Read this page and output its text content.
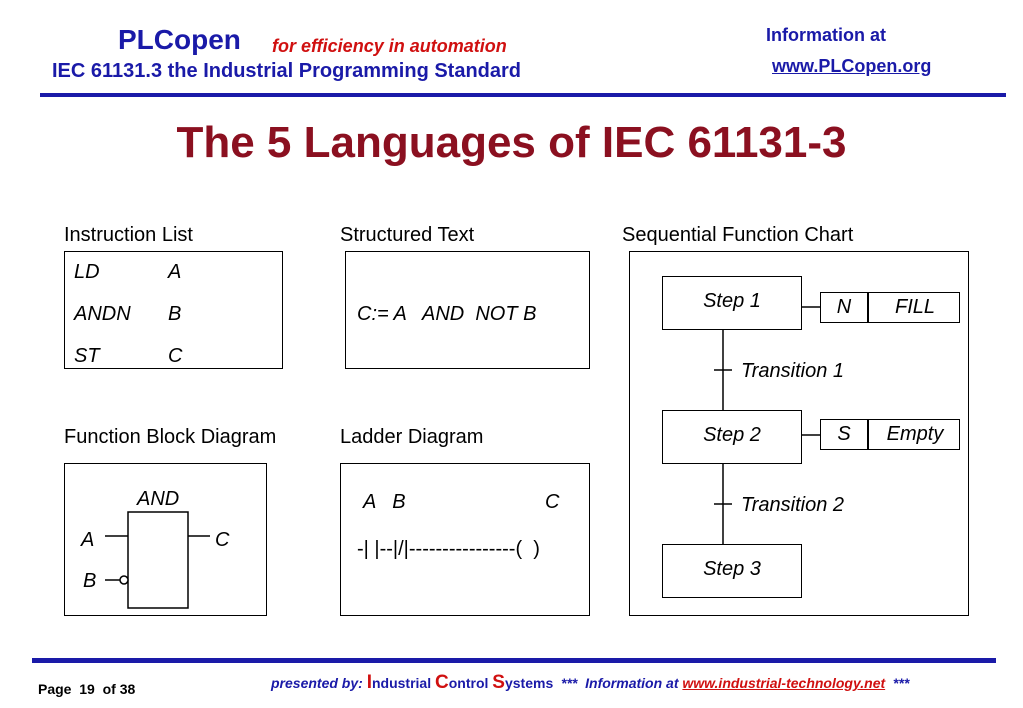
PLCopen for efficiency in automation
IEC 61131.3 the Industrial Programming Standard
Information at
www.PLCopen.org
The 5 Languages of IEC 61131-3
Instruction List
LD	A
ANDN B
ST	C
Structured Text
C:= A   AND  NOT B
Function Block Diagram
AND
A
B
C
Ladder Diagram
A   B	C
-| |--|/|----------------(  )
Sequential Function Chart
Step 1
Step 2
Step 3
Transition 1
Transition 2
N	FILL
S	Empty
Page 19 of 38	presented by: Industrial Control Systems *** Information at www.industrial-technology.net ***
